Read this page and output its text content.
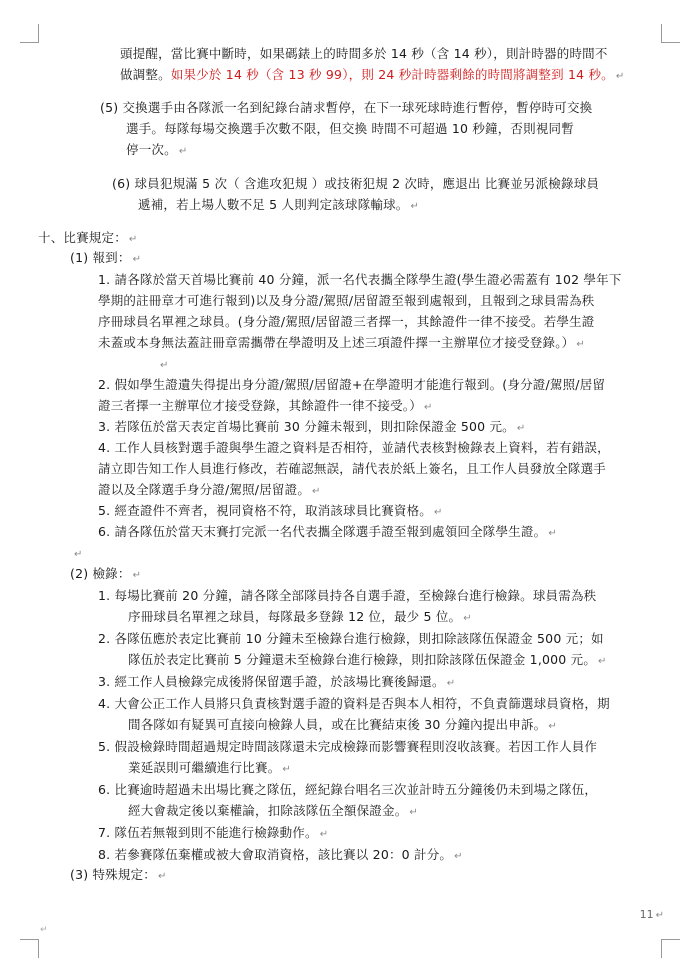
頭提醒，當比賽中斷時，如果碼錶上的時間多於 14 秒（含 14 秒），則計時器的時間不
做調整。如果少於 14 秒（含 13 秒 99），則 24 秒計時器剩餘的時間將調整到 14 秒。 ↵
(5) 交換選手由各隊派一名到紀錄台請求暫停，在下一球死球時進行暫停，暫停時可交換
選手。每隊每場交換選手次數不限，但交換 時間不可超過 10 秒鐘，否則視同暫
停一次。 ↵
(6) 球員犯規滿 5 次（ 含進攻犯規 ）或技術犯規 2 次時，應退出 比賽並另派檢錄球員
遞補，若上場人數不足 5 人則判定該球隊輸球。 ↵
十、比賽規定： ↵
(1) 報到： ↵
1. 請各隊於當天首場比賽前 40 分鐘，派一名代表攜全隊學生證(學生證必需蓋有 102 學年下
學期的註冊章才可進行報到)以及身分證/駕照/居留證至報到處報到，且報到之球員需為秩
序冊球員名單裡之球員。(身分證/駕照/居留證三者擇一，其餘證件一律不接受。若學生證
未蓋或本身無法蓋註冊章需攜帶在學證明及上述三項證件擇一主辦單位才接受登錄。） ↵
↵
2. 假如學生證遺失得提出身分證/駕照/居留證+在學證明才能進行報到。(身分證/駕照/居留
證三者擇一主辦單位才接受登錄，其餘證件一律不接受。） ↵
3. 若隊伍於當天表定首場比賽前 30 分鐘未報到，則扣除保證金 500 元。 ↵
4. 工作人員核對選手證與學生證之資料是否相符，並請代表核對檢錄表上資料，若有錯誤，
請立即告知工作人員進行修改，若確認無誤，請代表於紙上簽名，且工作人員發放全隊選手
證以及全隊選手身分證/駕照/居留證。 ↵
5. 經查證件不齊者，視同資格不符，取消該球員比賽資格。 ↵
6. 請各隊伍於當天末賽打完派一名代表攜全隊選手證至報到處領回全隊學生證。 ↵
↵
(2) 檢錄： ↵
1. 每場比賽前 20 分鐘，請各隊全部隊員持各自選手證，至檢錄台進行檢錄。球員需為秩
序冊球員名單裡之球員，每隊最多登錄 12 位，最少 5 位。 ↵
2. 各隊伍應於表定比賽前 10 分鐘未至檢錄台進行檢錄，則扣除該隊伍保證金 500 元；如
隊伍於表定比賽前 5 分鐘還未至檢錄台進行檢錄，則扣除該隊伍保證金 1,000 元。 ↵
3. 經工作人員檢錄完成後將保留選手證，於該場比賽後歸還。 ↵
4. 大會公正工作人員將只負責核對選手證的資料是否與本人相符，不負責篩選球員資格，期
間各隊如有疑異可直接向檢錄人員，或在比賽結束後 30 分鐘內提出申訴。 ↵
5. 假設檢錄時間超過規定時間該隊還未完成檢錄而影響賽程則沒收該賽。若因工作人員作
業延誤則可繼續進行比賽。 ↵
6. 比賽逾時超過未出場比賽之隊伍，經紀錄台唱名三次並計時五分鐘後仍未到場之隊伍，
經大會裁定後以棄權論，扣除該隊伍全額保證金。 ↵
7. 隊伍若無報到則不能進行檢錄動作。 ↵
8. 若參賽隊伍棄權或被大會取消資格，該比賽以 20：0 計分。 ↵
(3) 特殊規定： ↵
11 ↵
↵
